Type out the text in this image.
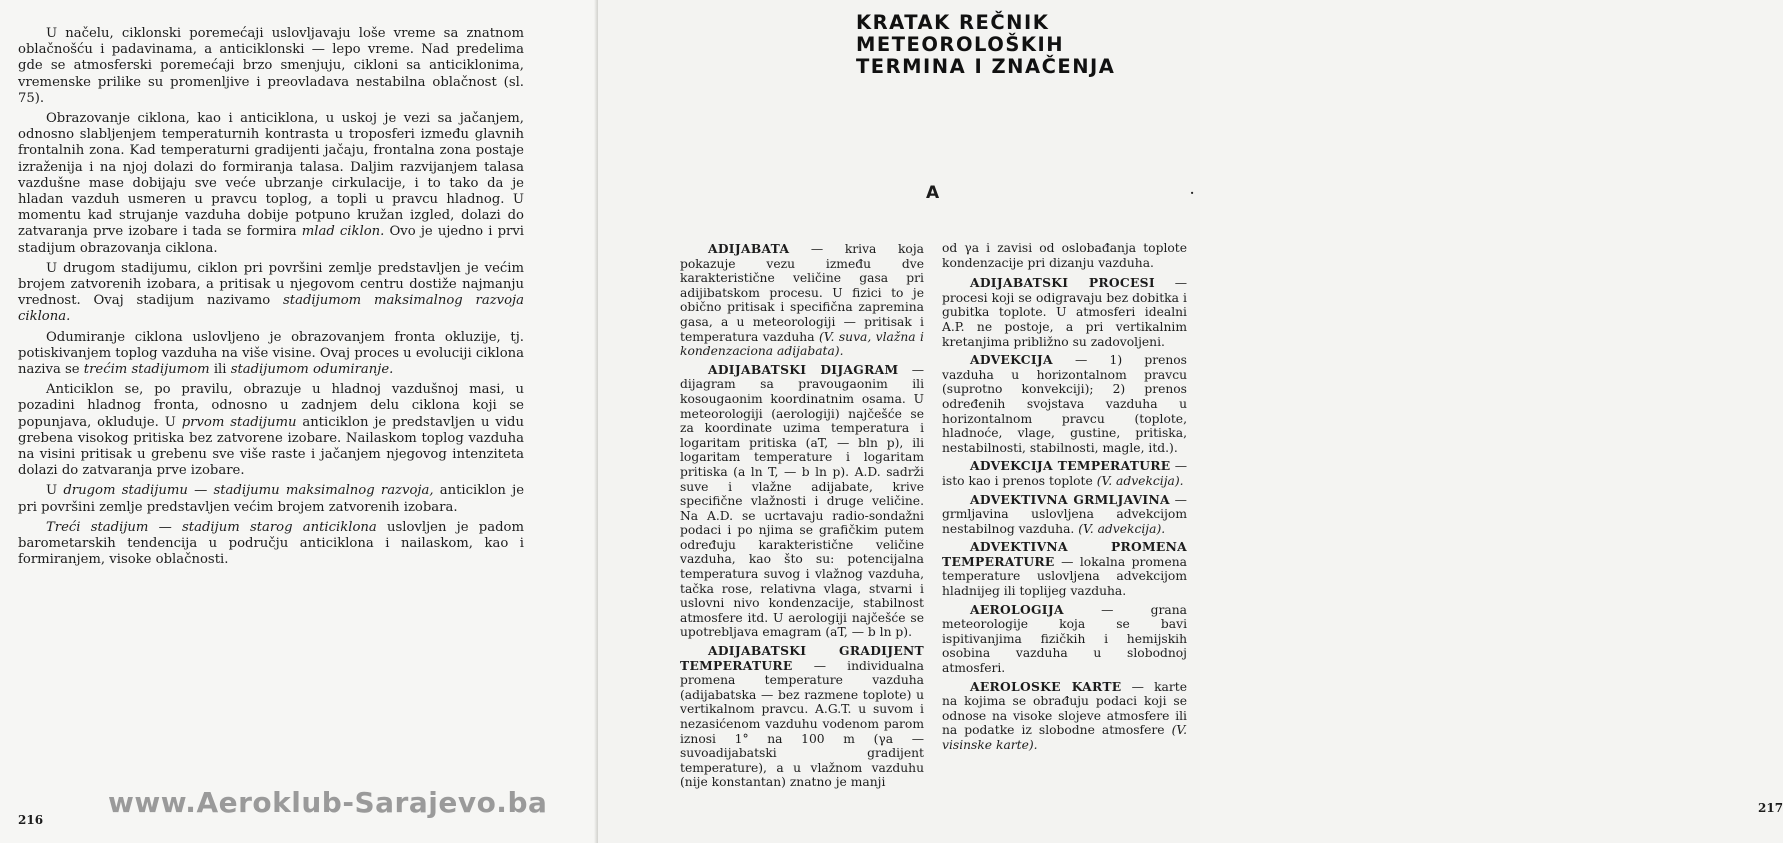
U načelu, ciklonski poremećaji uslovljavaju loše vreme sa znatnom oblačnošću i padavinama, a anticiklonski — lepo vreme. Nad predelima gde se atmosferski poremećaji brzo smenjuju, cikloni sa anticiklonima, vremenske prilike su promenljive i preovladava nestabilna oblačnost (sl. 75).

Obrazovanje ciklona, kao i anticiklona, u uskoj je vezi sa jačanjem, odnosno slabljenjem temperaturnih kontrasta u troposferi između glavnih frontalnih zona. Kad temperaturni gradijenti jačaju, frontalna zona postaje izraženija i na njoj dolazi do formiranja talasa. Daljim razvijanjem talasa vazdušne mase dobijaju sve veće ubrzanje cirkulacije, i to tako da je hladan vazduh usmeren u pravcu toplog, a topli u pravcu hladnog. U momentu kad strujanje vazduha dobije potpuno kružan izgled, dolazi do zatvaranja prve izobare i tada se formira mlad ciklon. Ovo je ujedno i prvi stadijum obrazovanja ciklona.

U drugom stadijumu, ciklon pri površini zemlje predstavljen je većim brojem zatvorenih izobara, a pritisak u njegovom centru dostiže najmanju vrednost. Ovaj stadijum nazivamo stadijumom maksimalnog razvoja ciklona.

Odumiranje ciklona uslovljeno je obrazovanjem fronta okluzije, tj. potiskivanjem toplog vazduha na više visine. Ovaj proces u evoluciji ciklona naziva se trećim stadijumom ili stadijumom odumiranje.

Anticiklon se, po pravilu, obrazuje u hladnoj vazdušnoj masi, u pozadini hladnog fronta, odnosno u zadnjem delu ciklona koji se popunjava, okluduje. U prvom stadijumu anticiklon je predstavljen u vidu grebena visokog pritiska bez zatvorene izobare. Nailaskom toplog vazduha na visini pritisak u grebenu sve više raste i jačanjem njegovog intenziteta dolazi do zatvaranja prve izobare.

U drugom stadijumu — stadijumu maksimalnog razvoja, anticiklon je pri površini zemlje predstavljen većim brojem zatvorenih izobara.

Treći stadijum — stadijum starog anticiklona uslovljen je padom barometarskih tendencija u području anticiklona i nailaskom, kao i formiranjem, visoke oblačnosti.

216
217
KRATAK REČNIK
METEOROLOŠKIH
TERMINA I ZNAČENJA
A	·
ADIJABATA — kriva koja pokazuje vezu između dve karakteristične veličine gasa pri adijibatskom procesu. U fizici to je obično pritisak i specifična zapremina gasa, a u meteorologiji — pritisak i temperatura vazduha (V. suva, vlažna i kondenzaciona adijabata).
ADIJABATSKI DIJAGRAM — dijagram sa pravougaonim ili kosougaonim koordinatnim osama. U meteorologiji (aerologiji) najčešće se za koordinate uzima temperatura i logaritam pritiska (aT, — bln p), ili logaritam temperature i logaritam pritiska (a ln T, — b ln p). A.D. sadrži suve i vlažne adijabate, krive specifične vlažnosti i druge veličine. Na A.D. se ucrtavaju radio-sondažni podaci i po njima se grafičkim putem određuju karakteristične veličine vazduha, kao što su: potencijalna temperatura suvog i vlažnog vazduha, tačka rose, relativna vlaga, stvarni i uslovni nivo kondenzacije, stabilnost atmosfere itd. U aerologiji najčešće se upotrebljava emagram (aT, — b ln p).
ADIJABATSKI GRADIJENT TEMPERATURE — individualna promena temperature vazduha (adijabatska — bez razmene toplote) u vertikalnom pravcu. A.G.T. u suvom i nezasićenom vazduhu vodenom parom iznosi 1° na 100 m (γa — suvoadijabatski gradijent temperature), a u vlažnom vazduhu (nije konstantan) znatno je manji
od γa i zavisi od oslobađanja toplote kondenzacije pri dizanju vazduha.
ADIJABATSKI PROCESI — procesi koji se odigravaju bez dobitka i gubitka toplote. U atmosferi idealni A.P. ne postoje, a pri vertikalnim kretanjima približno su zadovoljeni.
ADVEKCIJA — 1) prenos vazduha u horizontalnom pravcu (suprotno konvekciji); 2) prenos određenih svojstava vazduha u horizontalnom pravcu (toplote, hladnoće, vlage, gustine, pritiska, nestabilnosti, stabilnosti, magle, itd.).
ADVEKCIJA TEMPERATURE — isto kao i prenos toplote (V. advekcija).
ADVEKTIVNA GRMLJAVINA — grmljavina uslovljena advekcijom nestabilnog vazduha. (V. advekcija).
ADVEKTIVNA PROMENA TEMPERATURE — lokalna promena temperature uslovljena advekcijom hladnijeg ili toplijeg vazduha.
AEROLOGIJA — grana meteorologije koja se bavi ispitivanjima fizičkih i hemijskih osobina vazduha u slobodnoj atmosferi.
AEROLOSKE KARTE — karte na kojima se obrađuju podaci koji se odnose na visoke slojeve atmosfere ili na podatke iz slobodne atmosfere (V. visinske karte).
www.Aeroklub-Sarajevo.ba
